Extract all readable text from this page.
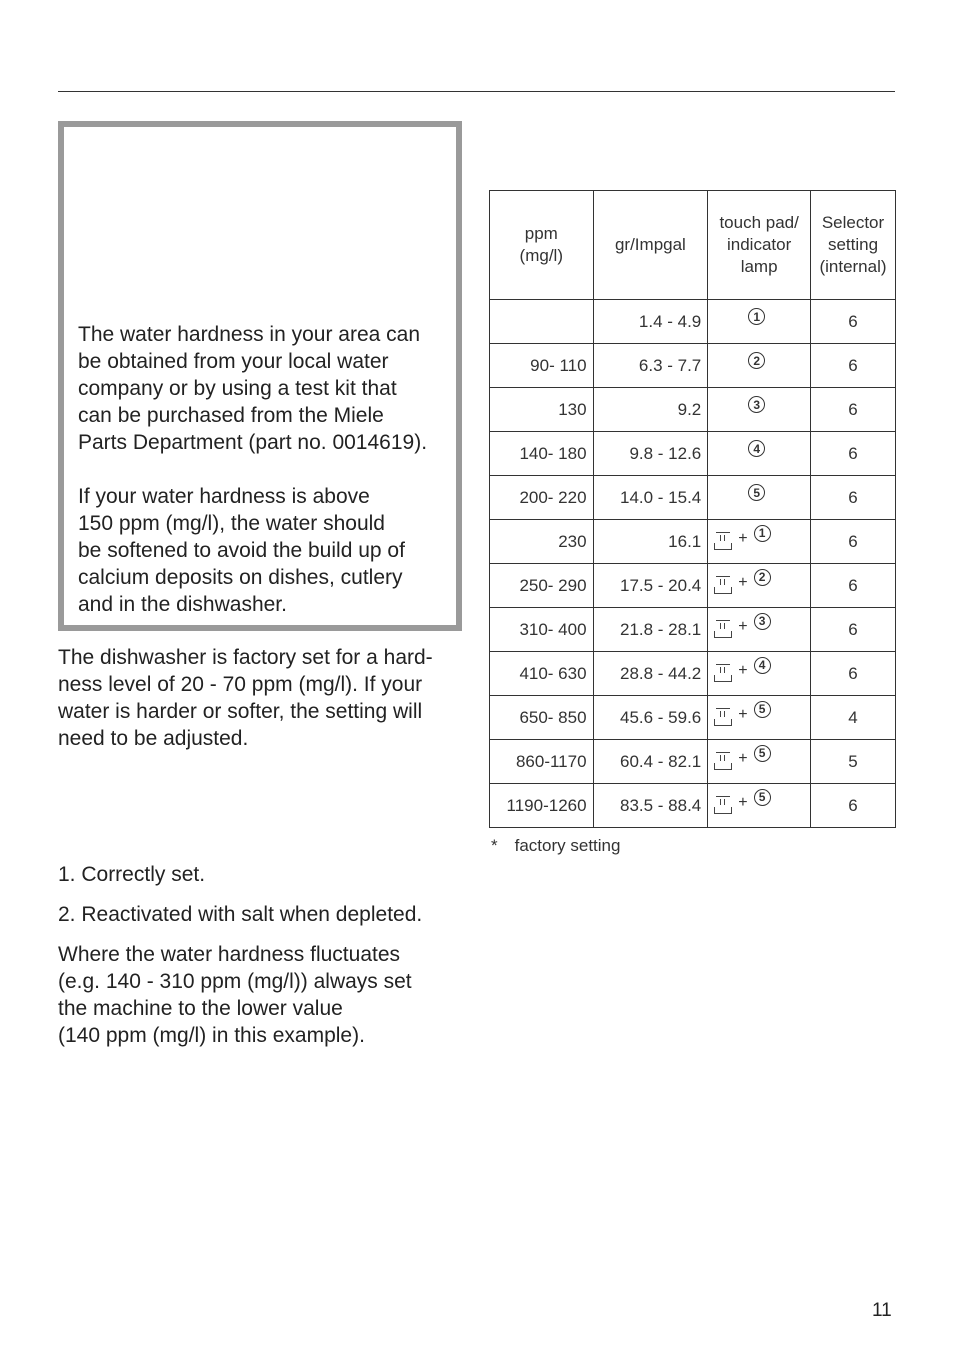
The water hardness in your area can
be obtained from your local water
company or by using a test kit that
can be purchased from the Miele
Parts Department (part no. 0014619).

If your water hardness is above
150 ppm (mg/l), the water should
be softened to avoid the build up of
calcium deposits on dishes, cutlery
and in the dishwasher.

The dishwasher is factory set for a hard-
ness level of 20 - 70 ppm (mg/l). If your
water is harder or softer, the setting will
need to be adjusted.

1. Correctly set.

2. Reactivated with salt when depleted.

Where the water hardness fluctuates
(e.g. 140 - 310 ppm (mg/l)) always set
the machine to the lower value
(140 ppm (mg/l) in this example).

ppm
(mg/l)	gr/Impgal	touch pad/
indicator
lamp	Selector
setting
(internal)
	1.4 - 4.9	1	6
90- 110	6.3 - 7.7	2	6
130	9.2	3	6
140- 180	9.8 - 12.6	4	6
200- 220	14.0 - 15.4	5	6
230	16.1	+ 1	6
250- 290	17.5 - 20.4	+ 2	6
310- 400	21.8 - 28.1	+ 3	6
410- 630	28.8 - 44.2	+ 4	6
650- 850	45.6 - 59.6	+ 5	4
860-1170	60.4 - 82.1	+ 5	5
1190-1260	83.5 - 88.4	+ 5	6
* factory setting
11
